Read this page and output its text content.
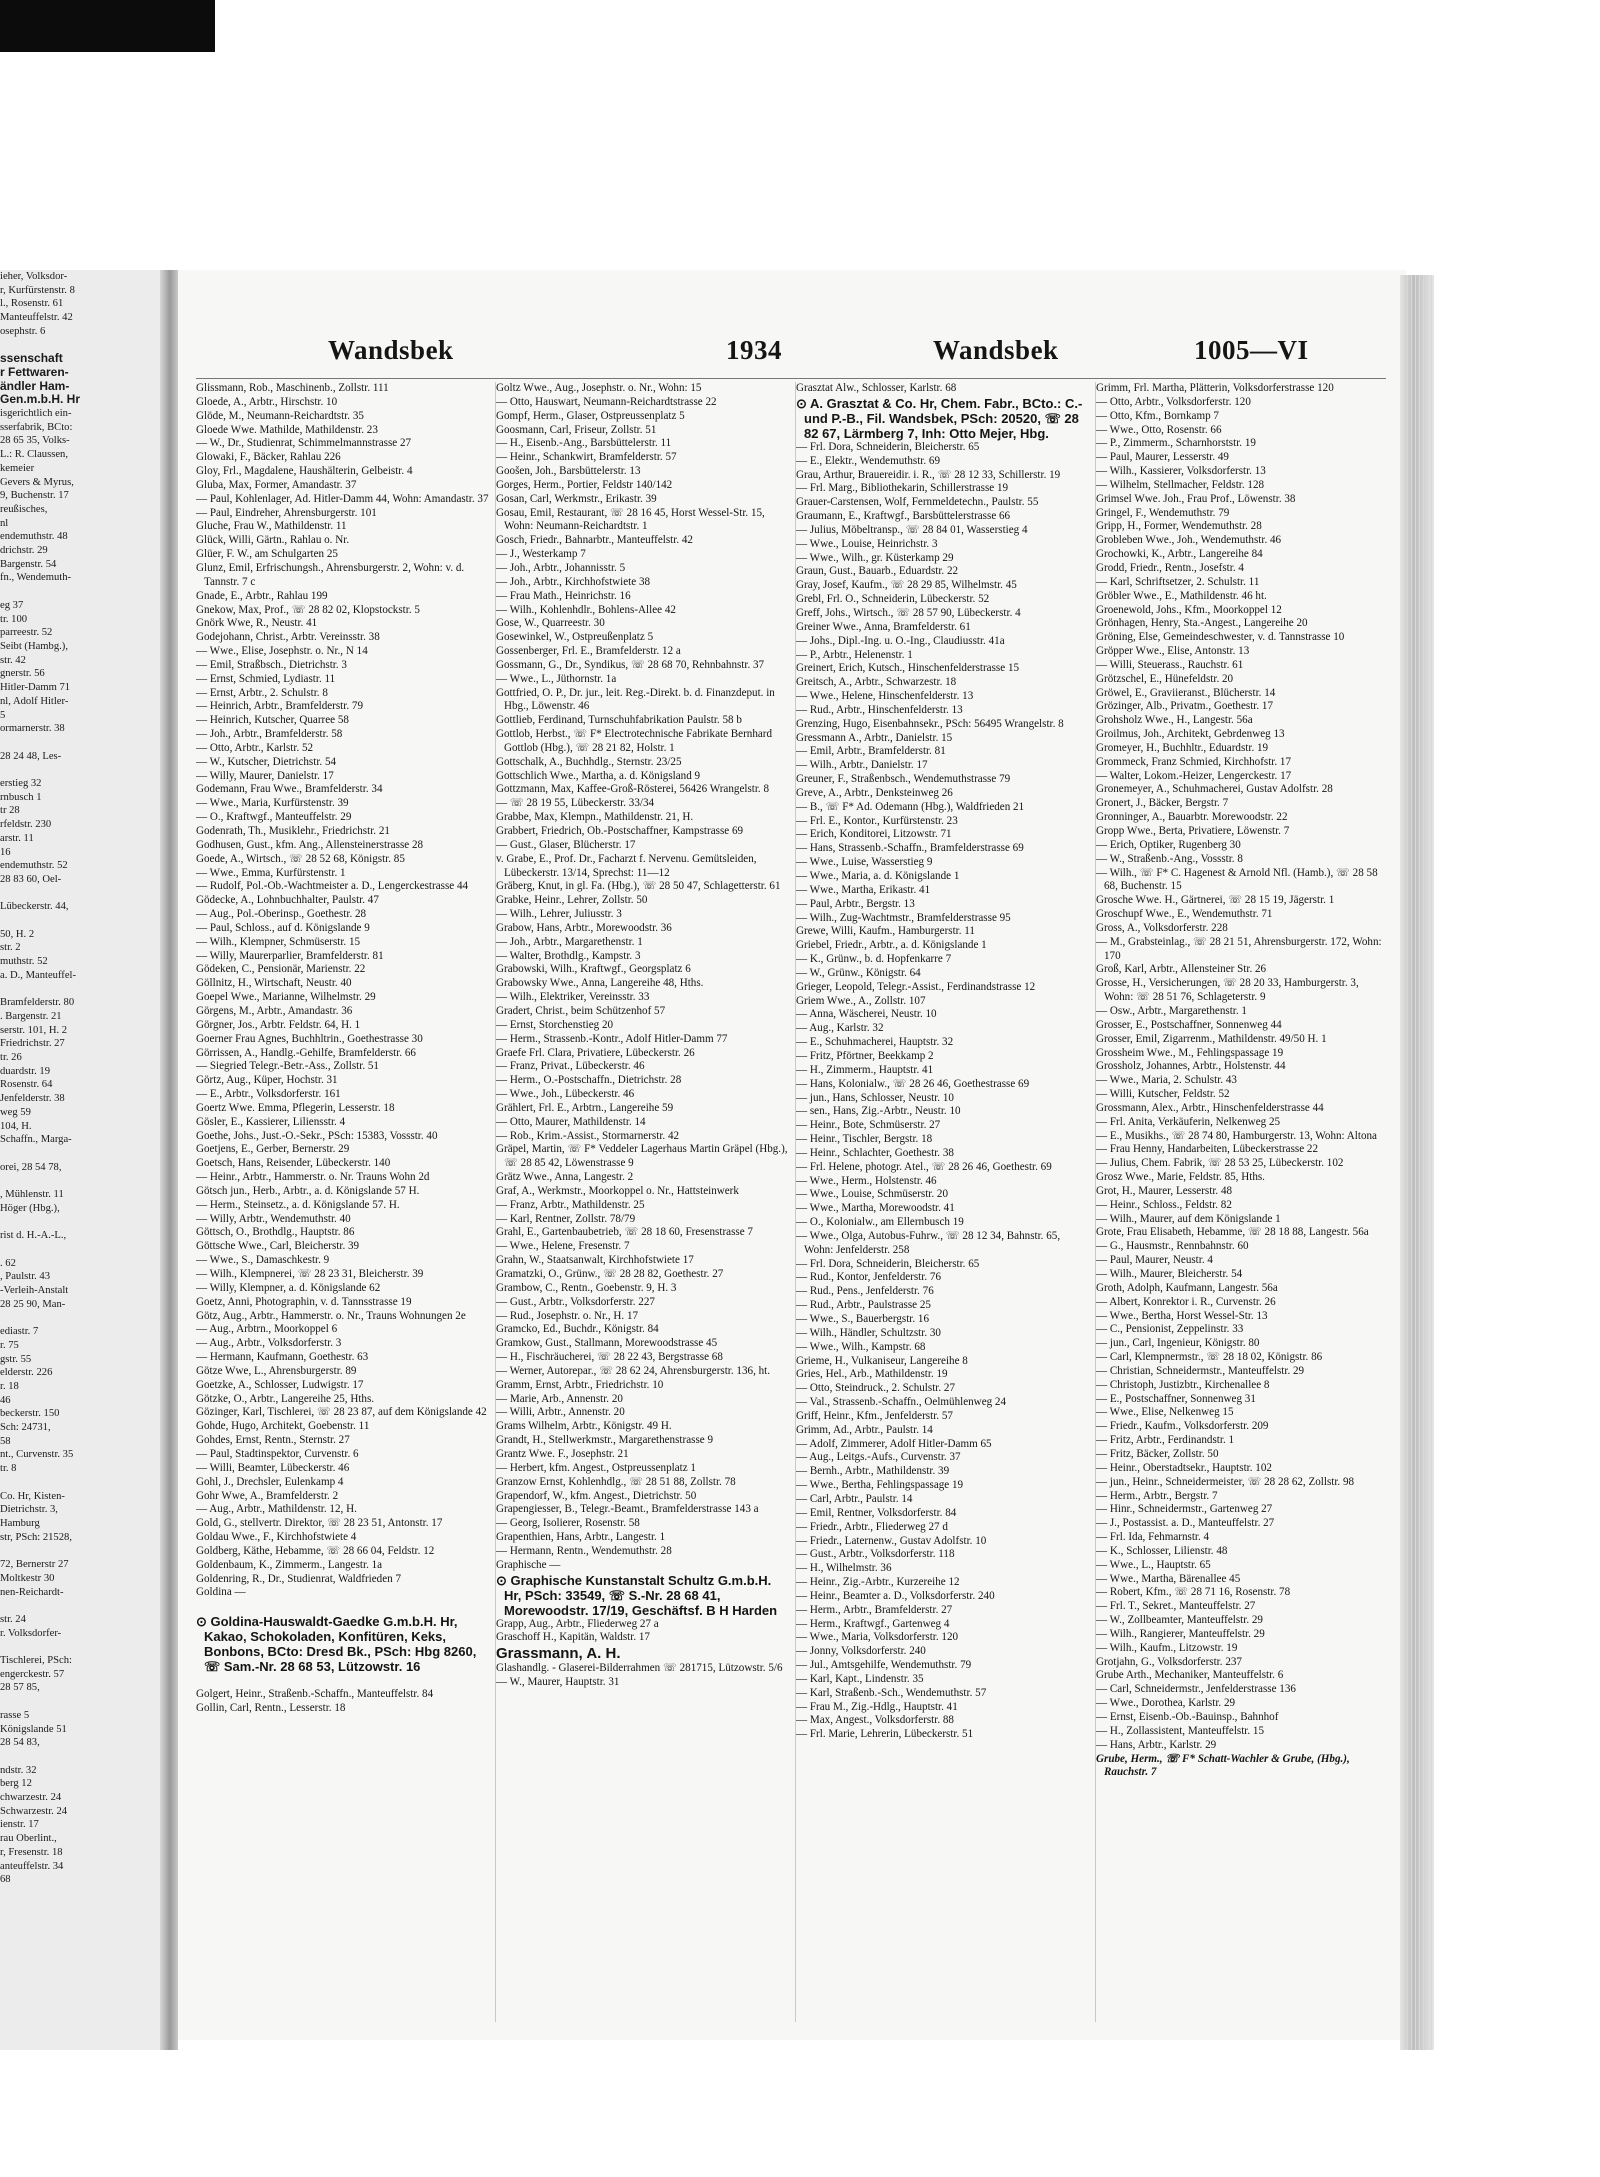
ieher, Volksdor-
r, Kurfürstenstr. 8
l., Rosenstr. 61
Manteuffelstr. 42
osephstr. 6

ssenschaft
r Fettwaren-
ändler Ham-
Gen.m.b.H. Hr
isgerichtlich ein-
sserfabrik, BCto:
28 65 35, Volks-
L.: R. Claussen,
kemeier
Gevers & Myrus,
9, Buchenstr. 17
reußisches,
nl
endemuthstr. 48
drichstr. 29
Bargenstr. 54
fn., Wendemuth-

eg 37
tr. 100
parreestr. 52
Seibt (Hambg.),
str. 42
gnerstr. 56
Hitler-Damm 71
nl, Adolf Hitler-
5
ormarnerstr. 38

28 24 48, Les-

erstieg 32
rnbusch 1
tr 28
rfeldstr. 230
arstr. 11
16
endemuthstr. 52
28 83 60, Oel-

Lübeckerstr. 44,

50, H. 2
str. 2
muthstr. 52
a. D., Manteuffel-

Bramfelderstr. 80
. Bargenstr. 21
serstr. 101, H. 2
Friedrichstr. 27
tr. 26
duardstr. 19
Rosenstr. 64
Jenfelderstr. 38
weg 59
104, H.
Schaffn., Marga-

orei, 28 54 78,

, Mühlenstr. 11
Höger (Hbg.),

rist d. H.-A.-L.,

. 62
, Paulstr. 43
-Verleih-Anstalt
28 25 90, Man-

ediastr. 7
r. 75
gstr. 55
elderstr. 226
r. 18
46
beckerstr. 150
Sch: 24731,
58
nt., Curvenstr. 35
tr. 8

Co. Hr, Kisten-
Dietrichstr. 3,
Hamburg
str, PSch: 21528,

72, Bernerstr 27
Moltkestr 30
nen-Reichardt-

str. 24
r. Volksdorfer-

Tischlerei, PSch:
engerckestr. 57
28 57 85,

rasse 5
Königslande 51
28 54 83,

ndstr. 32
berg 12
chwarzestr. 24
Schwarzestr. 24
ienstr. 17
rau Oberlint.,
r, Fresenstr. 18
anteuffelstr. 34
68
Wandsbek	1934	Wandsbek	1005—VI

Glissmann, Rob., Maschinenb., Zollstr. 111

Gloede, A., Arbtr., Hirschstr. 10

Glöde, M., Neumann-Reichardtstr. 35

Gloede Wwe. Mathilde, Mathildenstr. 23

— W., Dr., Studienrat, Schimmelmannstrasse 27

Glowaki, F., Bäcker, Rahlau 226

Gloy, Frl., Magdalene, Haushälterin, Gelbeistr. 4

Gluba, Max, Former, Amandastr. 37

— Paul, Kohlenlager, Ad. Hitler-Damm 44, Wohn: Amandastr. 37

— Paul, Eindreher, Ahrensburgerstr. 101

Gluche, Frau W., Mathildenstr. 11

Glück, Willi, Gärtn., Rahlau o. Nr.

Glüer, F. W., am Schulgarten 25

Glunz, Emil, Erfrischungsh., Ahrensburgerstr. 2, Wohn: v. d. Tannstr. 7 c

Gnade, E., Arbtr., Rahlau 199

Gnekow, Max, Prof., ☏ 28 82 02, Klopstockstr. 5

Gnörk Wwe, R., Neustr. 41

Godejohann, Christ., Arbtr. Vereinsstr. 38

— Wwe., Elise, Josephstr. o. Nr., N 14

— Emil, Straßbsch., Dietrichstr. 3

— Ernst, Schmied, Lydiastr. 11

— Ernst, Arbtr., 2. Schulstr. 8

— Heinrich, Arbtr., Bramfelderstr. 79

— Heinrich, Kutscher, Quarree 58

— Joh., Arbtr., Bramfelderstr. 58

— Otto, Arbtr., Karlstr. 52

— W., Kutscher, Dietrichstr. 54

— Willy, Maurer, Danielstr. 17

Godemann, Frau Wwe., Bramfelderstr. 34

— Wwe., Maria, Kurfürstenstr. 39

— O., Kraftwgf., Manteuffelstr. 29

Godenrath, Th., Musiklehr., Friedrichstr. 21

Godhusen, Gust., kfm. Ang., Allensteinerstrasse 28

Goede, A., Wirtsch., ☏ 28 52 68, Königstr. 85

— Wwe., Emma, Kurfürstenstr. 1

— Rudolf, Pol.-Ob.-Wachtmeister a. D., Lengerckestrasse 44

Gödecke, A., Lohnbuchhalter, Paulstr. 47

— Aug., Pol.-Oberinsp., Goethestr. 28

— Paul, Schloss., auf d. Königslande 9

— Wilh., Klempner, Schmüserstr. 15

— Willy, Maurerparlier, Bramfelderstr. 81

Gödeken, C., Pensionär, Marienstr. 22

Göllnitz, H., Wirtschaft, Neustr. 40

Goepel Wwe., Marianne, Wilhelmstr. 29

Görgens, M., Arbtr., Amandastr. 36

Görgner, Jos., Arbtr. Feldstr. 64, H. 1

Goerner Frau Agnes, Buchhltrin., Goethestrasse 30

Görrissen, A., Handlg.-Gehilfe, Bramfelderstr. 66

— Siegried Telegr.-Betr.-Ass., Zollstr. 51

Görtz, Aug., Küper, Hochstr. 31

— E., Arbtr., Volksdorferstr. 161

Goertz Wwe. Emma, Pflegerin, Lesserstr. 18

Gösler, E., Kassierer, Liliensstr. 4

Goethe, Johs., Just.-O.-Sekr., PSch: 15383, Vossstr. 40

Goetjens, E., Gerber, Bernerstr. 29

Goetsch, Hans, Reisender, Lübeckerstr. 140

— Heinr., Arbtr., Hammerstr. o. Nr. Trauns Wohn 2d

Götsch jun., Herb., Arbtr., a. d. Königslande 57 H.

— Herm., Steinsetz., a. d. Königslande 57. H.

— Willy, Arbtr., Wendemuthstr. 40

Göttsch, O., Brothdlg., Hauptstr. 86

Göttsche Wwe., Carl, Bleicherstr. 39

— Wwe., S., Damaschkestr. 9

— Wilh., Klempnerei, ☏ 28 23 31, Bleicherstr. 39

— Willy, Klempner, a. d. Königslande 62

Goetz, Anni, Photographin, v. d. Tannsstrasse 19

Götz, Aug., Arbtr., Hammerstr. o. Nr., Trauns Wohnungen 2e

— Aug., Arbtrn., Moorkoppel 6

— Aug., Arbtr., Volksdorferstr. 3

— Hermann, Kaufmann, Goethestr. 63

Götze Wwe, L., Ahrensburgerstr. 89

Goetzke, A., Schlosser, Ludwigstr. 17

Götzke, O., Arbtr., Langereihe 25, Hths.

Gözinger, Karl, Tischlerei, ☏ 28 23 87, auf dem Königslande 42

Gohde, Hugo, Architekt, Goebenstr. 11

Gohdes, Ernst, Rentn., Sternstr. 27

— Paul, Stadtinspektor, Curvenstr. 6

— Willi, Beamter, Lübeckerstr. 46

Gohl, J., Drechsler, Eulenkamp 4

Gohr Wwe, A., Bramfelderstr. 2

— Aug., Arbtr., Mathildenstr. 12, H.

Gold, G., stellvertr. Direktor, ☏ 28 23 51, Antonstr. 17

Goldau Wwe., F., Kirchhofstwiete 4

Goldberg, Käthe, Hebamme, ☏ 28 66 04, Feldstr. 12

Goldenbaum, K., Zimmerm., Langestr. 1a

Goldenring, R., Dr., Studienrat, Waldfrieden 7

Goldina —

⊙ Goldina-Hauswaldt-Gaedke G.m.b.H. Hr, Kakao, Schokoladen, Konfitüren, Keks, Bonbons, BCto: Dresd Bk., PSch: Hbg 8260, ☏ Sam.-Nr. 28 68 53, Lützowstr. 16

Golgert, Heinr., Straßenb.-Schaffn., Manteuffelstr. 84

Gollin, Carl, Rentn., Lesserstr. 18

Goltz Wwe., Aug., Josephstr. o. Nr., Wohn: 15

— Otto, Hauswart, Neumann-Reichardtstrasse 22

Gompf, Herm., Glaser, Ostpreussenplatz 5

Goosmann, Carl, Friseur, Zollstr. 51

— H., Eisenb.-Ang., Barsbüttelerstr. 11

— Heinr., Schankwirt, Bramfelderstr. 57

Goošen, Joh., Barsbüttelerstr. 13

Gorges, Herm., Portier, Feldstr 140/142

Gosan, Carl, Werkmstr., Erikastr. 39

Gosau, Emil, Restaurant, ☏ 28 16 45, Horst Wessel-Str. 15, Wohn: Neumann-Reichardtstr. 1

Gosch, Friedr., Bahnarbtr., Manteuffelstr. 42

— J., Westerkamp 7

— Joh., Arbtr., Johannisstr. 5

— Joh., Arbtr., Kirchhofstwiete 38

— Frau Math., Heinrichstr. 16

— Wilh., Kohlenhdlr., Bohlens-Allee 42

Gose, W., Quarreestr. 30

Gosewinkel, W., Ostpreußenplatz 5

Gossenberger, Frl. E., Bramfelderstr. 12 a

Gossmann, G., Dr., Syndikus, ☏ 28 68 70, Rehnbahnstr. 37

— Wwe., L., Jüthornstr. 1a

Gottfried, O. P., Dr. jur., leit. Reg.-Direkt. b. d. Finanzdeput. in Hbg., Löwenstr. 46

Gottlieb, Ferdinand, Turnschuhfabrikation Paulstr. 58 b

Gottlob, Herbst., ☏ F* Electrotechnische Fabrikate Bernhard Gottlob (Hbg.), ☏ 28 21 82, Holstr. 1

Gottschalk, A., Buchhdlg., Sternstr. 23/25

Gottschlich Wwe., Martha, a. d. Königsland 9

Gottzmann, Max, Kaffee-Groß-Rösterei, 56426 Wrangelstr. 8

— ☏ 28 19 55, Lübeckerstr. 33/34

Grabbe, Max, Klempn., Mathildenstr. 21, H.

Grabbert, Friedrich, Ob.-Postschaffner, Kampstrasse 69

— Gust., Glaser, Blücherstr. 17

v. Grabe, E., Prof. Dr., Facharzt f. Nervenu. Gemütsleiden, Lübeckerstr. 13/14, Sprechst: 11—12

Gräberg, Knut, in gl. Fa. (Hbg.), ☏ 28 50 47, Schlagetterstr. 61

Grabke, Heinr., Lehrer, Zollstr. 50

— Wilh., Lehrer, Juliusstr. 3

Grabow, Hans, Arbtr., Morewoodstr. 36

— Joh., Arbtr., Margarethenstr. 1

— Walter, Brothdlg., Kampstr. 3

Grabowski, Wilh., Kraftwgf., Georgsplatz 6

Grabowsky Wwe., Anna, Langereihe 48, Hths.

— Wilh., Elektriker, Vereinsstr. 33

Gradert, Christ., beim Schützenhof 57

— Ernst, Storchenstieg 20

— Herm., Strassenb.-Kontr., Adolf Hitler-Damm 77

Graefe Frl. Clara, Privatiere, Lübeckerstr. 26

— Franz, Privat., Lübeckerstr. 46

— Herm., O.-Postschaffn., Dietrichstr. 28

— Wwe., Joh., Lübeckerstr. 46

Grählert, Frl. E., Arbtrn., Langereihe 59

— Otto, Maurer, Mathildenstr. 14

— Rob., Krim.-Assist., Stormarnerstr. 42

Gräpel, Martin, ☏ F* Veddeler Lagerhaus Martin Gräpel (Hbg.), ☏ 28 85 42, Löwenstrasse 9

Grätz Wwe., Anna, Langestr. 2

Graf, A., Werkmstr., Moorkoppel o. Nr., Hattsteinwerk

— Franz, Arbtr., Mathildenstr. 25

— Karl, Rentner, Zollstr. 78/79

Grahl, E., Gartenbaubetrieb, ☏ 28 18 60, Fresenstrasse 7

— Wwe., Helene, Fresenstr. 7

Grahn, W., Staatsanwalt, Kirchhofstwiete 17

Gramatzki, O., Grünw., ☏ 28 28 82, Goethestr. 27

Grambow, C., Rentn., Goebenstr. 9, H. 3

— Gust., Arbtr., Volksdorferstr. 227

— Rud., Josephstr. o. Nr., H. 17

Gramcko, Ed., Buchdr., Königstr. 84

Gramkow, Gust., Stallmann, Morewoodstrasse 45

— H., Fischräucherei, ☏ 28 22 43, Bergstrasse 68

— Werner, Autorepar., ☏ 28 62 24, Ahrensburgerstr. 136, ht.

Gramm, Ernst, Arbtr., Friedrichstr. 10

— Marie, Arb., Annenstr. 20

— Willi, Arbtr., Annenstr. 20

Grams Wilhelm, Arbtr., Königstr. 49 H.

Grandt, H., Stellwerkmstr., Margarethenstrasse 9

Grantz Wwe. F., Josephstr. 21

— Herbert, kfm. Angest., Ostpreussenplatz 1

Granzow Ernst, Kohlenhdlg., ☏ 28 51 88, Zollstr. 78

Grapendorf, W., kfm. Angest., Dietrichstr. 50

Grapengiesser, B., Telegr.-Beamt., Bramfelderstrasse 143 a

— Georg, Isolierer, Rosenstr. 58

Grapenthien, Hans, Arbtr., Langestr. 1

— Hermann, Rentn., Wendemuthstr. 28

Graphische —

⊙ Graphische Kunstanstalt Schultz G.m.b.H. Hr, PSch: 33549, ☏ S.-Nr. 28 68 41, Morewoodstr. 17/19, Geschäftsf. B H Harden

Grapp, Aug., Arbtr., Fliederweg 27 a

Graschoff H., Kapitän, Waldstr. 17

Grassmann, A. H.

Glashandlg. - Glaserei-Bilderrahmen ☏ 281715, Lützowstr. 5/6

— W., Maurer, Hauptstr. 31

Grasztat Alw., Schlosser, Karlstr. 68

⊙ A. Grasztat & Co. Hr, Chem. Fabr., BCto.: C.- und P.-B., Fil. Wandsbek, PSch: 20520, ☏ 28 82 67, Lärmberg 7, Inh: Otto Mejer, Hbg.

— Frl. Dora, Schneiderin, Bleicherstr. 65

— E., Elektr., Wendemuthstr. 69

Grau, Arthur, Brauereidir. i. R., ☏ 28 12 33, Schillerstr. 19

— Frl. Marg., Bibliothekarin, Schillerstrasse 19

Grauer-Carstensen, Wolf, Fernmeldetechn., Paulstr. 55

Graumann, E., Kraftwgf., Barsbüttelerstrasse 66

— Julius, Möbeltransp., ☏ 28 84 01, Wasserstieg 4

— Wwe., Louise, Heinrichstr. 3

— Wwe., Wilh., gr. Küsterkamp 29

Graun, Gust., Bauarb., Eduardstr. 22

Gray, Josef, Kaufm., ☏ 28 29 85, Wilhelmstr. 45

Grebl, Frl. O., Schneiderin, Lübeckerstr. 52

Greff, Johs., Wirtsch., ☏ 28 57 90, Lübeckerstr. 4

Greiner Wwe., Anna, Bramfelderstr. 61

— Johs., Dipl.-Ing. u. O.-Ing., Claudiusstr. 41a

— P., Arbtr., Helenenstr. 1

Greinert, Erich, Kutsch., Hinschenfelderstrasse 15

Greitsch, A., Arbtr., Schwarzestr. 18

— Wwe., Helene, Hinschenfelderstr. 13

— Rud., Arbtr., Hinschenfelderstr. 13

Grenzing, Hugo, Eisenbahnsekr., PSch: 56495 Wrangelstr. 8

Gressmann A., Arbtr., Danielstr. 15

— Emil, Arbtr., Bramfelderstr. 81

— Wilh., Arbtr., Danielstr. 17

Greuner, F., Straßenbsch., Wendemuthstrasse 79

Greve, A., Arbtr., Denksteinweg 26

— B., ☏ F* Ad. Odemann (Hbg.), Waldfrieden 21

— Frl. E., Kontor., Kurfürstenstr. 23

— Erich, Konditorei, Litzowstr. 71

— Hans, Strassenb.-Schaffn., Bramfelderstrasse 69

— Wwe., Luise, Wasserstieg 9

— Wwe., Maria, a. d. Königslande 1

— Wwe., Martha, Erikastr. 41

— Paul, Arbtr., Bergstr. 13

— Wilh., Zug-Wachtmstr., Bramfelderstrasse 95

Grewe, Willi, Kaufm., Hamburgerstr. 11

Griebel, Friedr., Arbtr., a. d. Königslande 1

— K., Grünw., b. d. Hopfenkarre 7

— W., Grünw., Königstr. 64

Grieger, Leopold, Telegr.-Assist., Ferdinandstrasse 12

Griem Wwe., A., Zollstr. 107

— Anna, Wäscherei, Neustr. 10

— Aug., Karlstr. 32

— E., Schuhmacherei, Hauptstr. 32

— Fritz, Pförtner, Beekkamp 2

— H., Zimmerm., Hauptstr. 41

— Hans, Kolonialw., ☏ 28 26 46, Goethestrasse 69

— jun., Hans, Schlosser, Neustr. 10

— sen., Hans, Zig.-Arbtr., Neustr. 10

— Heinr., Bote, Schmüserstr. 27

— Heinr., Tischler, Bergstr. 18

— Heinr., Schlachter, Goethestr. 38

— Frl. Helene, photogr. Atel., ☏ 28 26 46, Goethestr. 69

— Wwe., Herm., Holstenstr. 46

— Wwe., Louise, Schmüserstr. 20

— Wwe., Martha, Morewoodstr. 41

— O., Kolonialw., am Ellernbusch 19

— Wwe., Olga, Autobus-Fuhrw., ☏ 28 12 34, Bahnstr. 65, Wohn: Jenfelderstr. 258

— Frl. Dora, Schneiderin, Bleicherstr. 65

— Rud., Kontor, Jenfelderstr. 76

— Rud., Pens., Jenfelderstr. 76

— Rud., Arbtr., Paulstrasse 25

— Wwe., S., Bauerbergstr. 16

— Wilh., Händler, Schultzstr. 30

— Wwe., Wilh., Kampstr. 68

Grieme, H., Vulkaniseur, Langereihe 8

Gries, Hel., Arb., Mathildenstr. 19

— Otto, Steindruck., 2. Schulstr. 27

— Val., Strassenb.-Schaffn., Oelmühlenweg 24

Griff, Heinr., Kfm., Jenfelderstr. 57

Grimm, Ad., Arbtr., Paulstr. 14

— Adolf, Zimmerer, Adolf Hitler-Damm 65

— Aug., Leitgs.-Aufs., Curvenstr. 37

— Bernh., Arbtr., Mathildenstr. 39

— Wwe., Bertha, Fehlingspassage 19

— Carl, Arbtr., Paulstr. 14

— Emil, Rentner, Volksdorferstr. 84

— Friedr., Arbtr., Fliederweg 27 d

— Friedr., Laternenw., Gustav Adolfstr. 10

— Gust., Arbtr., Volksdorferstr. 118

— H., Wilhelmstr. 36

— Heinr., Zig.-Arbtr., Kurzereihe 12

— Heinr., Beamter a. D., Volksdorferstr. 240

— Herm., Arbtr., Bramfelderstr. 27

— Herm., Kraftwgf., Gartenweg 4

— Wwe., Maria, Volksdorferstr. 120

— Jonny, Volksdorferstr. 240

— Jul., Amtsgehilfe, Wendemuthstr. 79

— Karl, Kapt., Lindenstr. 35

— Karl, Straßenb.-Sch., Wendemuthstr. 57

— Frau M., Zig.-Hdlg., Hauptstr. 41

— Max, Angest., Volksdorferstr. 88

— Frl. Marie, Lehrerin, Lübeckerstr. 51

Grimm, Frl. Martha, Plätterin, Volksdorferstrasse 120

— Otto, Arbtr., Volksdorferstr. 120

— Otto, Kfm., Bornkamp 7

— Wwe., Otto, Rosenstr. 66

— P., Zimmerm., Scharnhorststr. 19

— Paul, Maurer, Lesserstr. 49

— Wilh., Kassierer, Volksdorferstr. 13

— Wilhelm, Stellmacher, Feldstr. 128

Grimsel Wwe. Joh., Frau Prof., Löwenstr. 38

Gringel, F., Wendemuthstr. 79

Gripp, H., Former, Wendemuthstr. 28

Grobleben Wwe., Joh., Wendemuthstr. 46

Grochowki, K., Arbtr., Langereihe 84

Grodd, Friedr., Rentn., Josefstr. 4

— Karl, Schriftsetzer, 2. Schulstr. 11

Gröbler Wwe., E., Mathildenstr. 46 ht.

Groenewold, Johs., Kfm., Moorkoppel 12

Grönhagen, Henry, Sta.-Angest., Langereihe 20

Gröning, Else, Gemeindeschwester, v. d. Tannstrasse 10

Gröpper Wwe., Elise, Antonstr. 13

— Willi, Steuerass., Rauchstr. 61

Grötzschel, E., Hünefeldstr. 20

Gröwel, E., Graviieranst., Blücherstr. 14

Grözinger, Alb., Privatm., Goethestr. 17

Grohsholz Wwe., H., Langestr. 56a

Groilmus, Joh., Architekt, Gebrdenweg 13

Gromeyer, H., Buchhltr., Eduardstr. 19

Grommeck, Franz Schmied, Kirchhofstr. 17

— Walter, Lokom.-Heizer, Lengerckestr. 17

Gronemeyer, A., Schuhmacherei, Gustav Adolfstr. 28

Gronert, J., Bäcker, Bergstr. 7

Gronninger, A., Bauarbtr. Morewoodstr. 22

Gropp Wwe., Berta, Privatiere, Löwenstr. 7

— Erich, Optiker, Rugenberg 30

— W., Straßenb.-Ang., Vossstr. 8

— Wilh., ☏ F* C. Hagenest & Arnold Nfl. (Hamb.), ☏ 28 58 68, Buchenstr. 15

Grosche Wwe. H., Gärtnerei, ☏ 28 15 19, Jägerstr. 1

Groschupf Wwe., E., Wendemuthstr. 71

Gross, A., Volksdorferstr. 228

— M., Grabsteinlag., ☏ 28 21 51, Ahrensburgerstr. 172, Wohn: 170

Groß, Karl, Arbtr., Allensteiner Str. 26

Grosse, H., Versicherungen, ☏ 28 20 33, Hamburgerstr. 3, Wohn: ☏ 28 51 76, Schlageterstr. 9

— Osw., Arbtr., Margarethenstr. 1

Grosser, E., Postschaffner, Sonnenweg 44

Grosser, Emil, Zigarrenm., Mathildenstr. 49/50 H. 1

Grossheim Wwe., M., Fehlingspassage 19

Grossholz, Johannes, Arbtr., Holstenstr. 44

— Wwe., Maria, 2. Schulstr. 43

— Willi, Kutscher, Feldstr. 52

Grossmann, Alex., Arbtr., Hinschenfelderstrasse 44

— Frl. Anita, Verkäuferin, Nelkenweg 25

— E., Musikhs., ☏ 28 74 80, Hamburgerstr. 13, Wohn: Altona

— Frau Henny, Handarbeiten, Lübeckerstrasse 22

— Julius, Chem. Fabrik, ☏ 28 53 25, Lübeckerstr. 102

Grosz Wwe., Marie, Feldstr. 85, Hths.

Grot, H., Maurer, Lesserstr. 48

— Heinr., Schloss., Feldstr. 82

— Wilh., Maurer, auf dem Königslande 1

Grote, Frau Elisabeth, Hebamme, ☏ 28 18 88, Langestr. 56a

— G., Hausmstr., Rennbahnstr. 60

— Paul, Maurer, Neustr. 4

— Wilh., Maurer, Bleicherstr. 54

Groth, Adolph, Kaufmann, Langestr. 56a

— Albert, Konrektor i. R., Curvenstr. 26

— Wwe., Bertha, Horst Wessel-Str. 13

— C., Pensionist, Zeppelinstr. 33

— jun., Carl, Ingenieur, Königstr. 80

— Carl, Klempnermstr., ☏ 28 18 02, Königstr. 86

— Christian, Schneidermstr., Manteuffelstr. 29

— Christoph, Justizbtr., Kirchenallee 8

— E., Postschaffner, Sonnenweg 31

— Wwe., Elise, Nelkenweg 15

— Friedr., Kaufm., Volksdorferstr. 209

— Fritz, Arbtr., Ferdinandstr. 1

— Fritz, Bäcker, Zollstr. 50

— Heinr., Oberstadtsekr., Hauptstr. 102

— jun., Heinr., Schneidermeister, ☏ 28 28 62, Zollstr. 98

— Herm., Arbtr., Bergstr. 7

— Hinr., Schneidermstr., Gartenweg 27

— J., Postassist. a. D., Manteuffelstr. 27

— Frl. Ida, Fehmarnstr. 4

— K., Schlosser, Lilienstr. 48

— Wwe., L., Hauptstr. 65

— Wwe., Martha, Bärenallee 45

— Robert, Kfm., ☏ 28 71 16, Rosenstr. 78

— Frl. T., Sekret., Manteuffelstr. 27

— W., Zollbeamter, Manteuffelstr. 29

— Wilh., Rangierer, Manteuffelstr. 29

— Wilh., Kaufm., Litzowstr. 19

Grotjahn, G., Volksdorferstr. 237

Grube Arth., Mechaniker, Manteuffelstr. 6

— Carl, Schneidermstr., Jenfelderstrasse 136

— Wwe., Dorothea, Karlstr. 29

— Ernst, Eisenb.-Ob.-Bauinsp., Bahnhof

— H., Zollassistent, Manteuffelstr. 15

— Hans, Arbtr., Karlstr. 29

Grube, Herm., ☏ F* Schatt-Wachler & Grube, (Hbg.), Rauchstr. 7
